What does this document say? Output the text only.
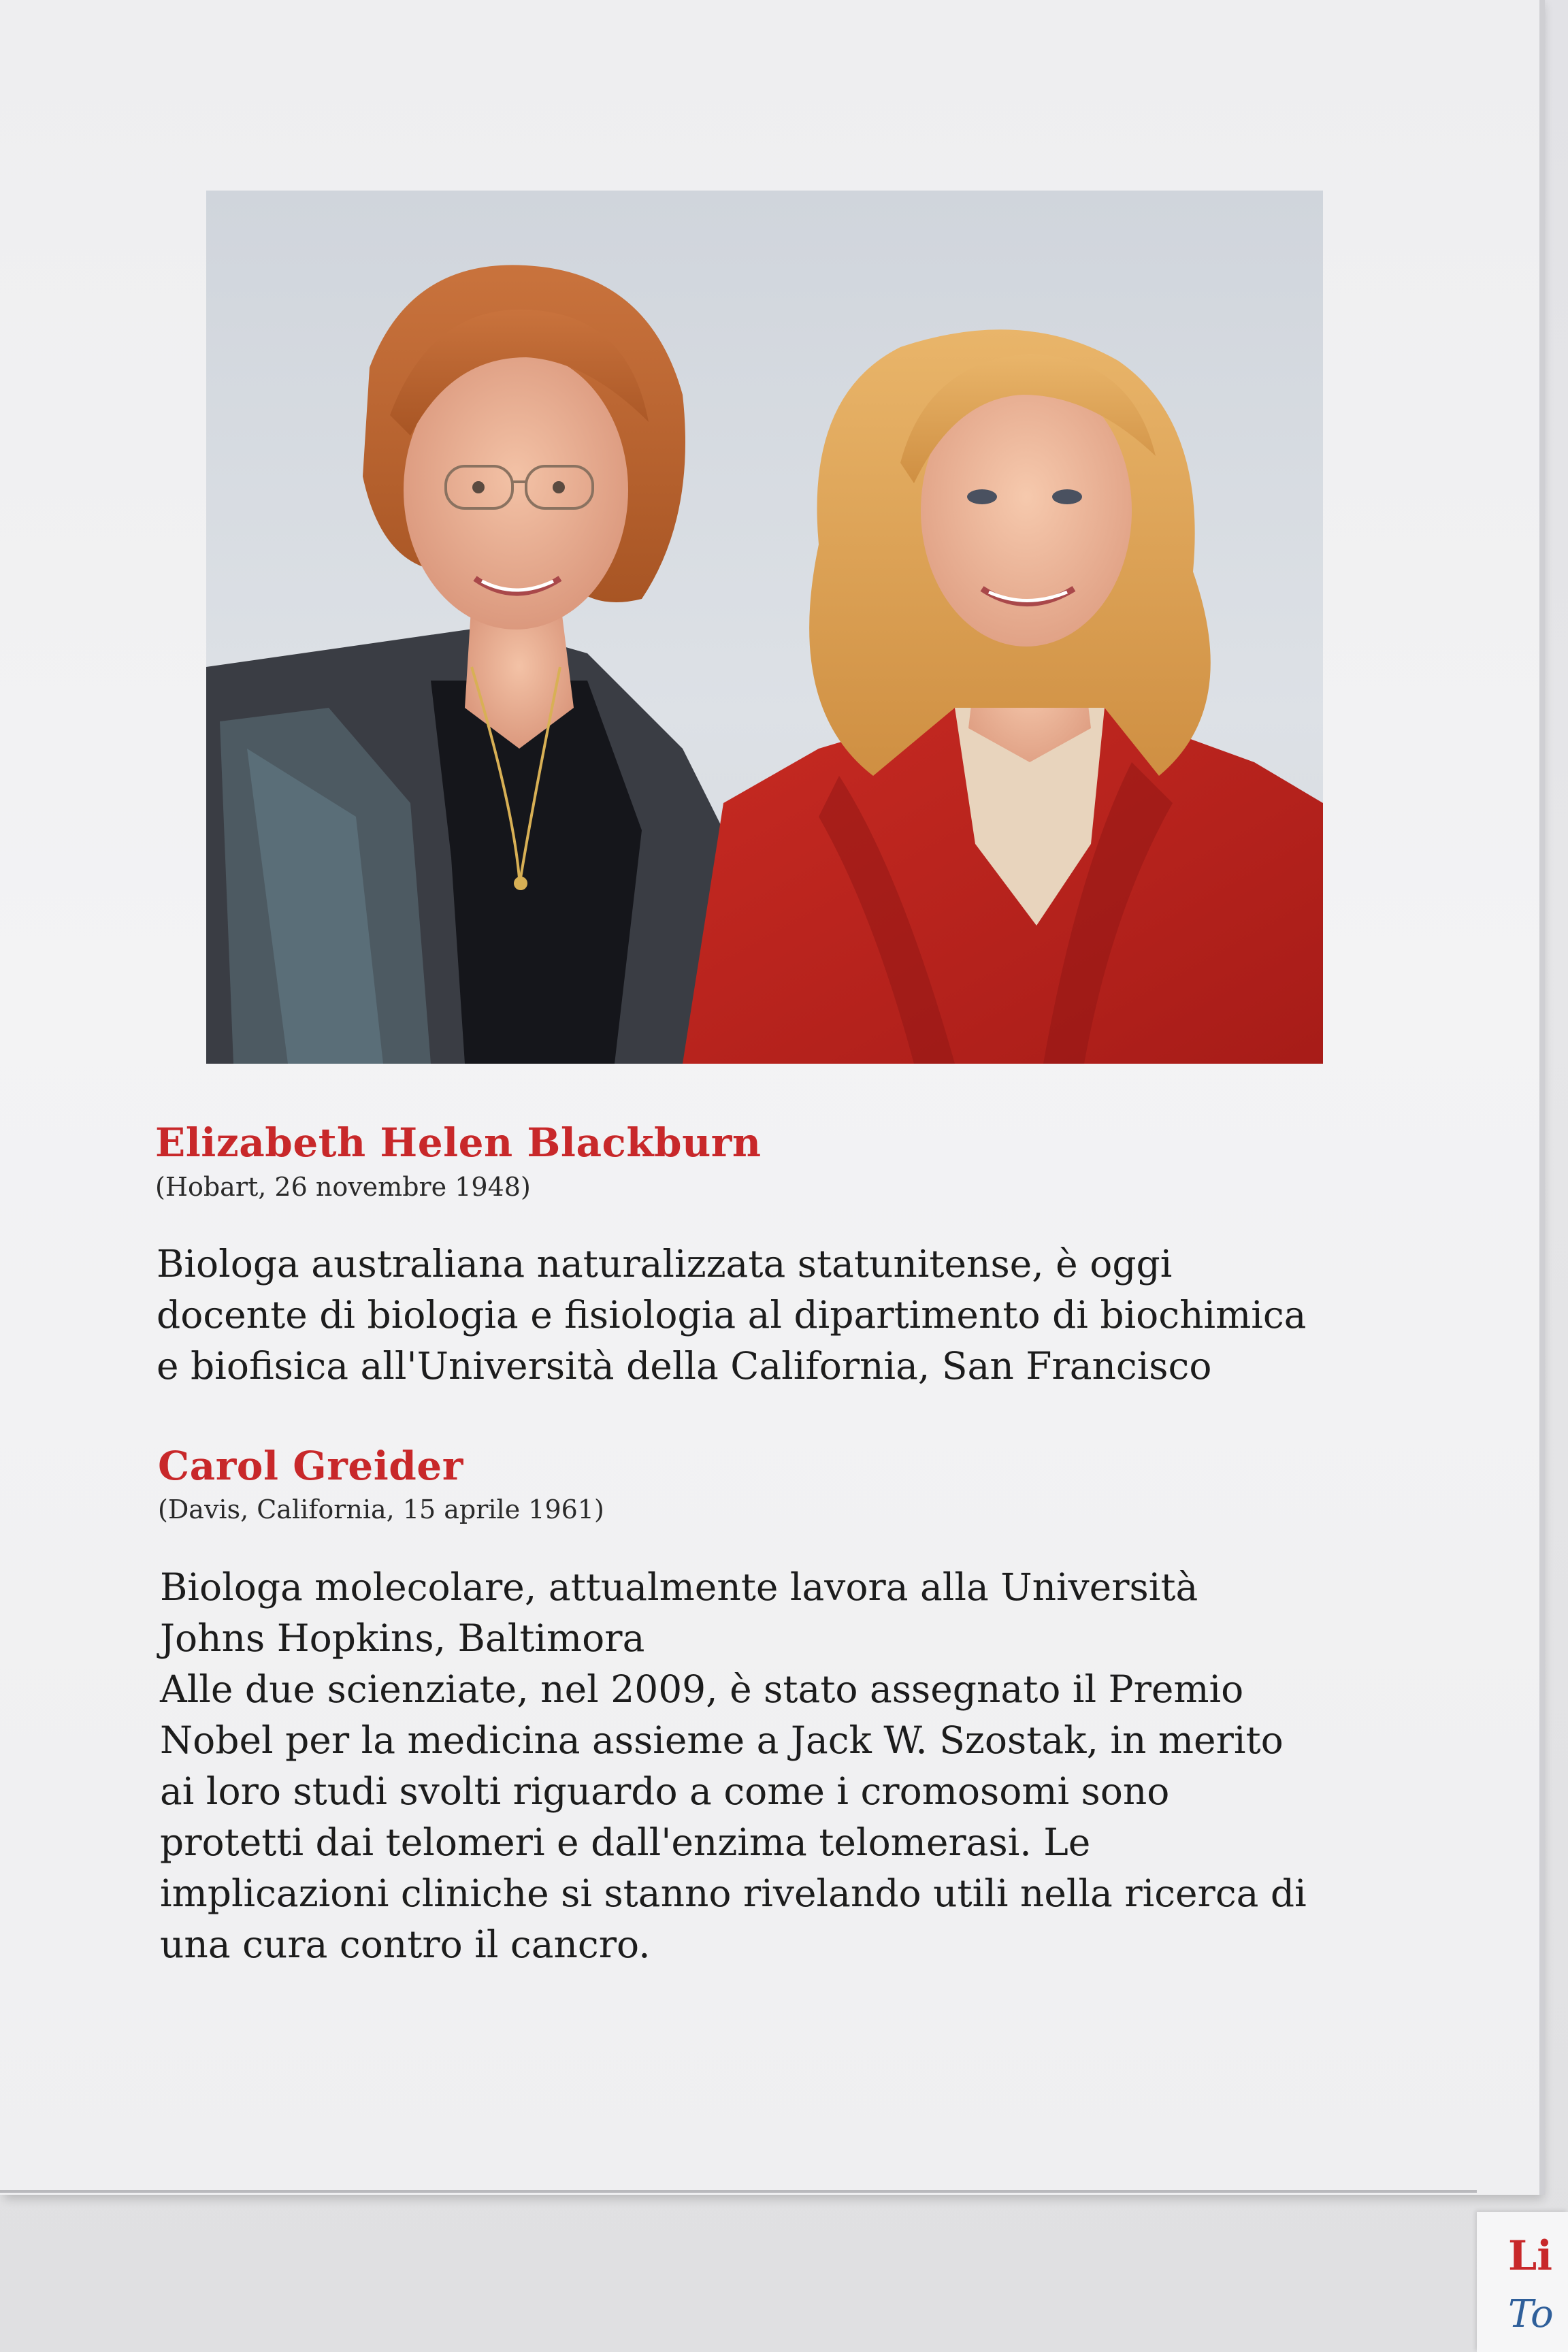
Elizabeth Helen Blackburn

(Hobart, 26 novembre 1948)

Biologa australiana naturalizzata statunitense, è oggi
docente di biologia e fisiologia al dipartimento di biochimica
e biofisica all'Università della California, San Francisco

Carol Greider

(Davis, California, 15 aprile 1961)

Biologa molecolare, attualmente lavora alla Università
Johns Hopkins, Baltimora
Alle due scienziate, nel 2009, è stato assegnato il Premio
Nobel per la medicina assieme a Jack W. Szostak, in merito
ai loro studi svolti riguardo a come i cromosomi sono
protetti dai telomeri e dall'enzima telomerasi. Le
implicazioni cliniche si stanno rivelando utili nella ricerca di
una cura contro il cancro.

Li
To
